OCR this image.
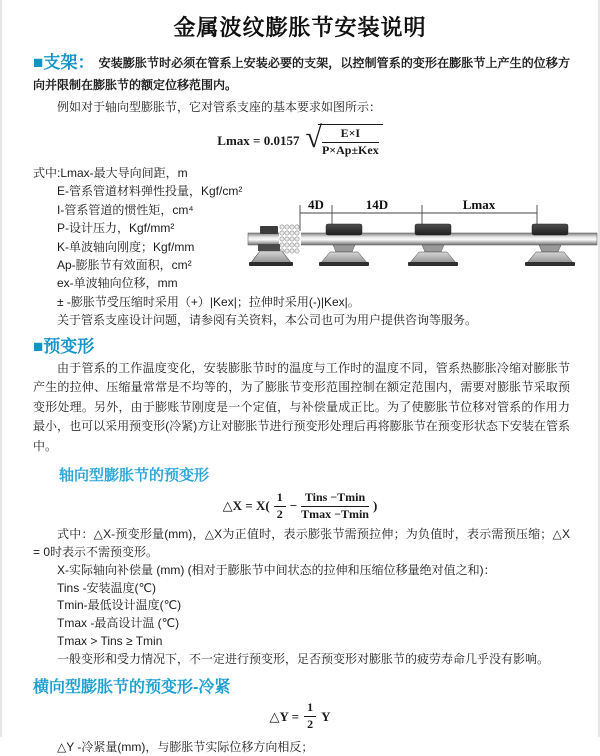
金属波纹膨胀节安装说明

■支架： 安装膨胀节时必须在管系上安装必要的支架，以控制管系的变形在膨胀节上产生的位移方向并限制在膨胀节的额定位移范围内。

例如对于轴向型膨胀节，它对管系支座的基本要求如图所示：

Lmax = 0.0157 √ $\frac{E\times I}{\text{P×Ap±Kex}}$
式中:Lmax-最大导向间距，m
E-管系管道材料弹性投量，Kgf/cm²
I-管系管道的惯性矩，cm⁴
P-设计压力，Kgf/mm²
K-单波轴向刚度；Kgf/mm
Ap-膨胀节有效面积，cm²
ex-单波轴向位移，mm
± -膨胀节受压缩时采用（+）|Kex|；拉伸时采用(-)|Kex|。
关于管系支座设计问题，请参阅有关资料，本公司也可为用户提供咨询等服务。
4D	14D	Lmax
■预变形

由于管系的工作温度变化，安装膨胀节时的温度与工作时的温度不同，管系热膨胀冷缩对膨胀节产生的拉伸、压缩量常常是不均等的，为了膨胀节变形范围控制在额定范围内，需要对膨胀节采取预变形处理。另外，由于膨账节刚度是一个定值，与补偿量成正比。为了使膨胀节位移对管系的作用力最小，也可以采用预变形(冷紧)方让对膨胀节进行预变形处理后再将膨胀节在预变形状态下安装在管系中。

轴向型膨胀节的预变形
△X = $X( \frac{1}{2} - \frac{\text{Tins −Tmin}}{Tmax -Tmin}$ )

式中：△X-预变形量(mm)，△X为正值时，表示膨张节需预拉伸；为负值时，表示需预压缩；△X = 0时表示不需预变形。

X-实际轴向补偿量 (mm) (相对于膨胀节中间状态的拉伸和压缩位移量绝对值之和)：
Tins -安装温度(℃)
Tmin-最低设计温度(℃)
Tmax -最高设计温 (℃)
Tmax > Tins ≥ Tmin
一般变形和受力情况下，不一定进行预变形，足否预变形对膨胀节的疲劳寿命几乎没有影响。
横向型膨胀节的预变形-冷紧
△Y = $\frac{1}{2}$ Y
△Y -冷紧量(mm)，与膨胀节实际位移方向相反；
